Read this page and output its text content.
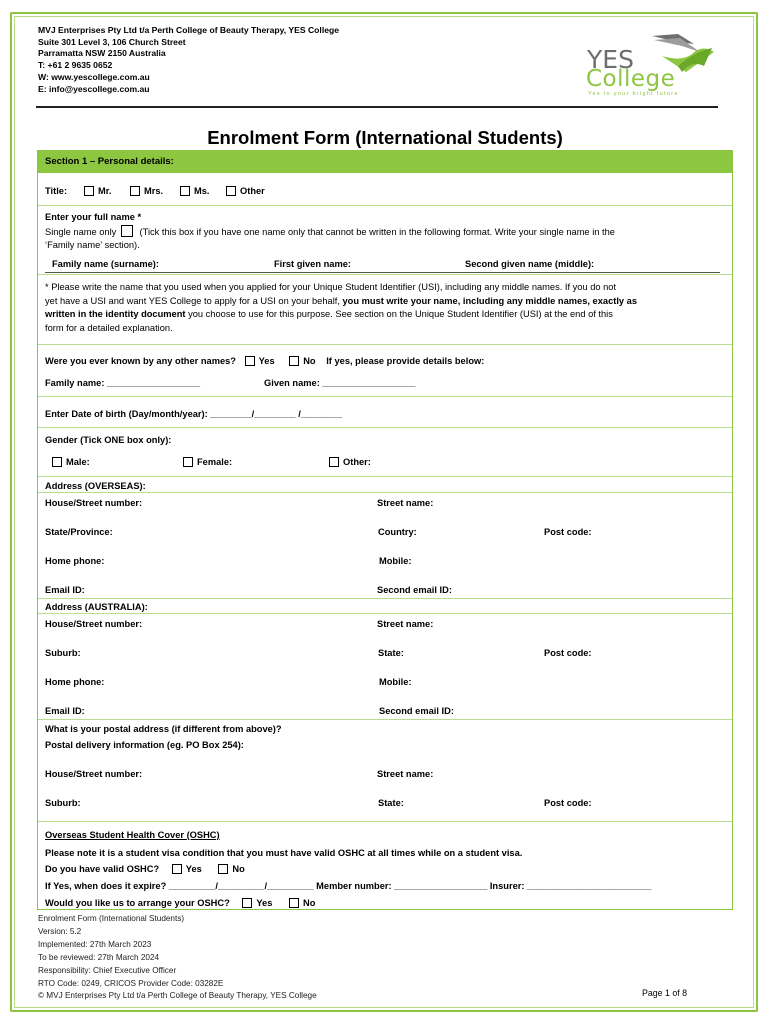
MVJ Enterprises Pty Ltd t/a Perth College of Beauty Therapy, YES College
Suite 301 Level 3, 106 Church Street
Parramatta NSW 2150 Australia
T: +61 2 9635 0652
W: www.yescollege.com.au
E: info@yescollege.com.au
YES
College
Yes to your bright future
Enrolment Form (International Students)
Section 1 – Personal details:
Title:	Mr.	Mrs.	Ms.	Other
Enter your full name *
Single name only (Tick this box if you have one name only that cannot be written in the following format. Write your single name in the
‘Family name’ section).
Family name (surname):	First given name:	Second given name (middle):
* Please write the name that you used when you applied for your Unique Student Identifier (USI), including any middle names. If you do not
yet have a USI and want YES College to apply for a USI on your behalf, you must write your name, including any middle names, exactly as
written in the identity document you choose to use for this purpose. See section on the Unique Student Identifier (USI) at the end of this
form for a detailed explanation.
Were you ever known by any other names? Yes	No If yes, please provide details below:
Family name: __________________	Given name: __________________
Enter Date of birth (Day/month/year): ________/________ /________
Gender (Tick ONE box only):
Male:	Female:	Other:
Address (OVERSEAS):
House/Street number:	Street name:
State/Province:	Country:	Post code:
Home phone:	Mobile:
Email ID:	Second email ID:
Address (AUSTRALIA):
House/Street number:	Street name:
Suburb:	State:	Post code:
Home phone:	Mobile:
Email ID:	Second email ID:
What is your postal address (if different from above)?
Postal delivery information (eg. PO Box 254):
House/Street number:	Street name:
Suburb:	State:	Post code:
Overseas Student Health Cover (OSHC)
Please note it is a student visa condition that you must have valid OSHC at all times while on a student visa.
Do you have valid OSHC?	Yes	No
If Yes, when does it expire? _________/_________/_________ Member number: __________________ Insurer: ________________________
Would you like us to arrange your OSHC?	Yes	No
Enrolment Form (International Students)
Version: 5.2
Implemented: 27th March 2023
To be reviewed: 27th March 2024
Responsibility: Chief Executive Officer
RTO Code: 0249, CRICOS Provider Code: 03282E
© MVJ Enterprises Pty Ltd t/a Perth College of Beauty Therapy, YES College	Page 1 of 8
